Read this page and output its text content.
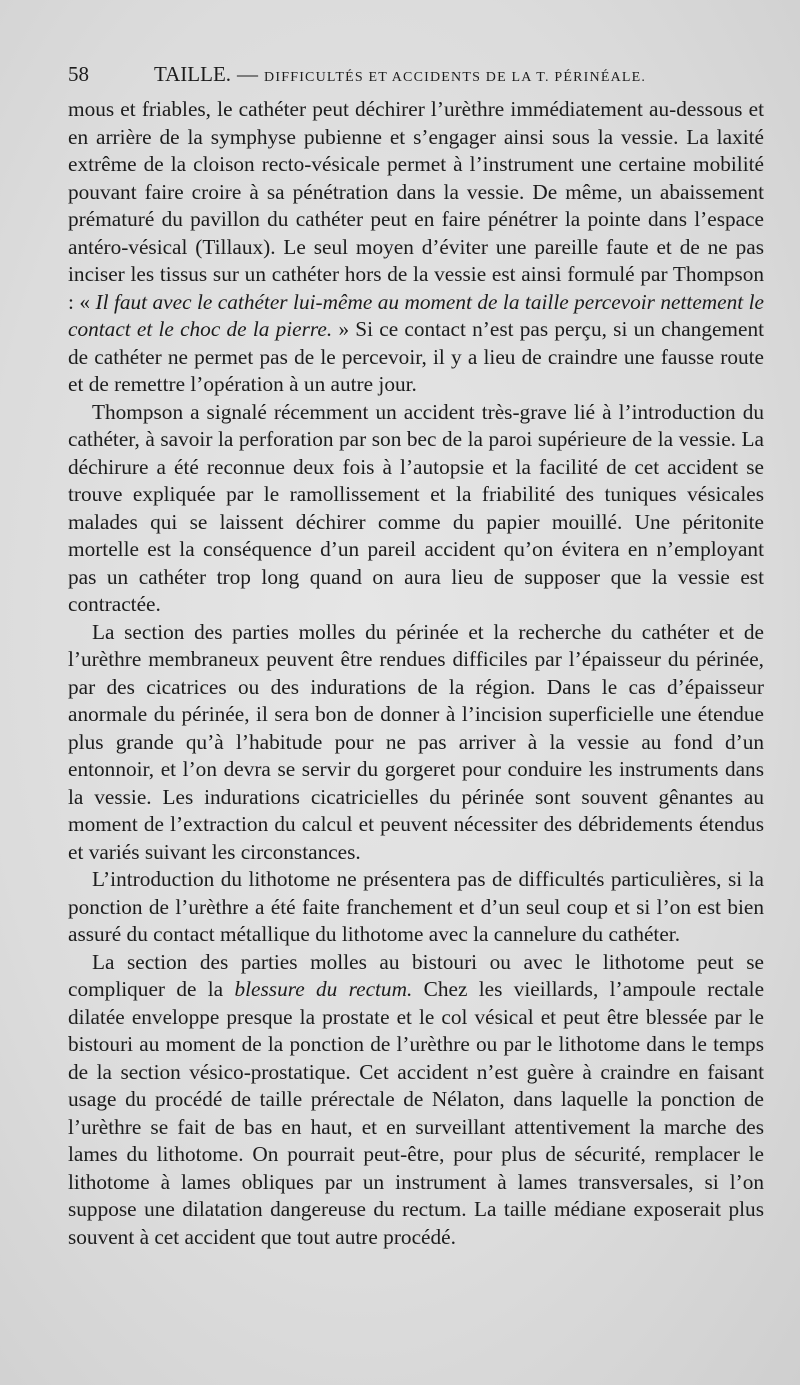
58	TAILLE. — DIFFICULTÉS ET ACCIDENTS DE LA T. PÉRINÉALE.

mous et friables, le cathéter peut déchirer l’urèthre immédiatement au-dessous et en arrière de la symphyse pubienne et s’engager ainsi sous la vessie. La laxité extrême de la cloison recto-vésicale permet à l’instrument une certaine mobilité pouvant faire croire à sa pénétration dans la vessie. De même, un abaissement prématuré du pavillon du cathéter peut en faire pénétrer la pointe dans l’espace antéro-vésical (Tillaux). Le seul moyen d’éviter une pareille faute et de ne pas inciser les tissus sur un cathéter hors de la vessie est ainsi formulé par Thompson : « Il faut avec le cathéter lui-même au moment de la taille percevoir nettement le contact et le choc de la pierre. » Si ce contact n’est pas perçu, si un changement de cathéter ne permet pas de le percevoir, il y a lieu de craindre une fausse route et de remettre l’opération à un autre jour.

Thompson a signalé récemment un accident très-grave lié à l’introduction du cathéter, à savoir la perforation par son bec de la paroi supérieure de la vessie. La déchirure a été reconnue deux fois à l’autopsie et la facilité de cet accident se trouve expliquée par le ramollissement et la friabilité des tuniques vésicales malades qui se laissent déchirer comme du papier mouillé. Une péritonite mortelle est la conséquence d’un pareil accident qu’on évitera en n’employant pas un cathéter trop long quand on aura lieu de supposer que la vessie est contractée.

La section des parties molles du périnée et la recherche du cathéter et de l’urèthre membraneux peuvent être rendues difficiles par l’épaisseur du périnée, par des cicatrices ou des indurations de la région. Dans le cas d’épaisseur anormale du périnée, il sera bon de donner à l’incision superficielle une étendue plus grande qu’à l’habitude pour ne pas arriver à la vessie au fond d’un entonnoir, et l’on devra se servir du gorgeret pour conduire les instruments dans la vessie. Les indurations cicatricielles du périnée sont souvent gênantes au moment de l’extraction du calcul et peuvent nécessiter des débridements étendus et variés suivant les circonstances.

L’introduction du lithotome ne présentera pas de difficultés particulières, si la ponction de l’urèthre a été faite franchement et d’un seul coup et si l’on est bien assuré du contact métallique du lithotome avec la cannelure du cathéter.

La section des parties molles au bistouri ou avec le lithotome peut se compliquer de la blessure du rectum. Chez les vieillards, l’ampoule rectale dilatée enveloppe presque la prostate et le col vésical et peut être blessée par le bistouri au moment de la ponction de l’urèthre ou par le lithotome dans le temps de la section vésico-prostatique. Cet accident n’est guère à craindre en faisant usage du procédé de taille prérectale de Nélaton, dans laquelle la ponction de l’urèthre se fait de bas en haut, et en surveillant attentivement la marche des lames du lithotome. On pourrait peut-être, pour plus de sécurité, remplacer le lithotome à lames obliques par un instrument à lames transversales, si l’on suppose une dilatation dangereuse du rectum. La taille médiane exposerait plus souvent à cet accident que tout autre procédé.
